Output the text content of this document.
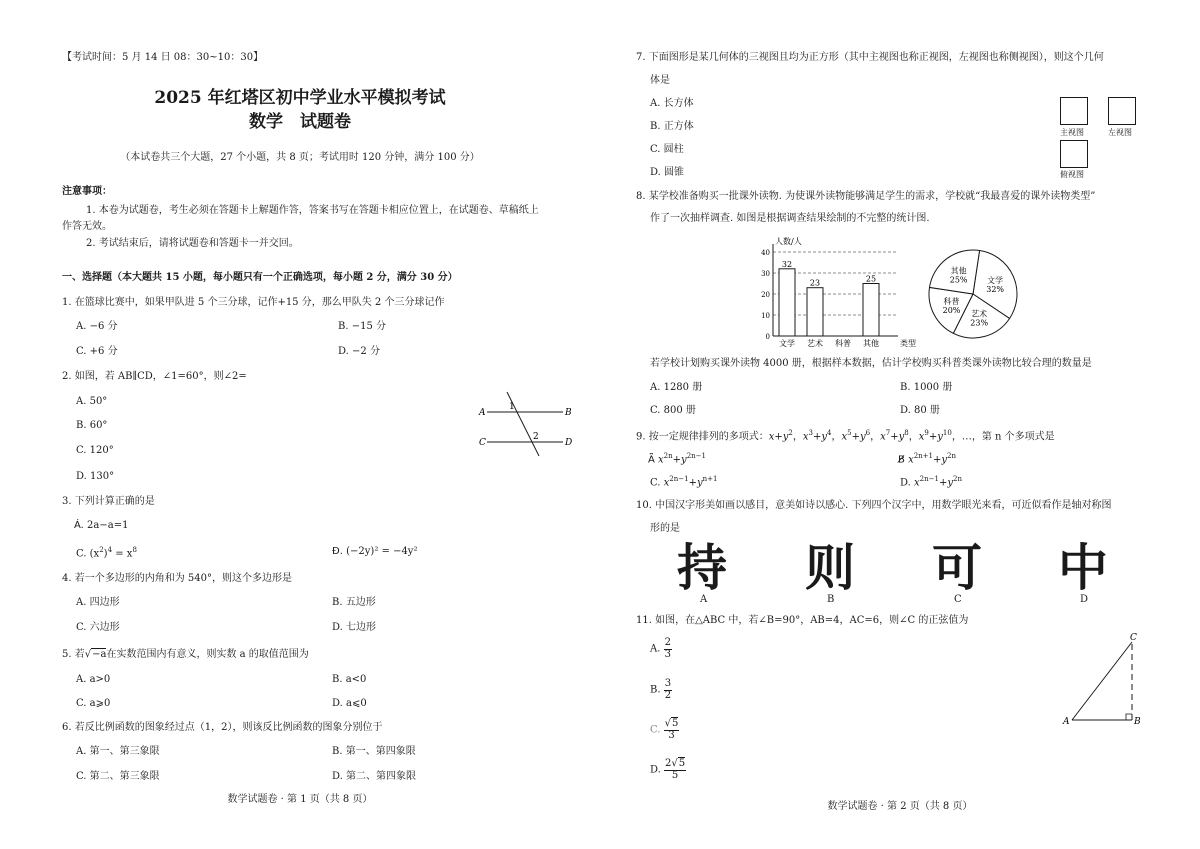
【考试时间：5 月 14 日 08：30~10：30】
2025 年红塔区初中学业水平模拟考试
数学　试题卷
（本试卷共三个大题，27 个小题，共 8 页；考试用时 120 分钟，满分 100 分）
注意事项：
1. 本卷为试题卷，考生必须在答题卡上解题作答，答案书写在答题卡相应位置上，在试题卷、草稿纸上
作答无效。
2. 考试结束后，请将试题卷和答题卡一并交回。
一、选择题（本大题共 15 小题，每小题只有一个正确选项，每小题 2 分，满分 30 分）
1. 在篮球比赛中，如果甲队进 5 个三分球，记作+15 分，那么甲队失 2 个三分球记作
A. −6 分	B. −15 分
C. +6 分	D. −2 分
2. 如图，若 AB∥CD，∠1=60°，则∠2=
A. 50°
B. 60°
C. 120°
D. 130°
A	B
C	D
1
2
3. 下列计算正确的是
Á. 2a−a=1
C. $(x^2)^4 = x^8$	Ð. (−2y)² = −4y²
4. 若一个多边形的内角和为 540°，则这个多边形是
A. 四边形	B. 五边形
C. 六边形	D. 七边形
5. 若√−a在实数范围内有意义，则实数 a 的取值范围为
A. a>0	B. a<0
C. a⩾0	D. a⩽0
6. 若反比例函数的图象经过点（1，2），则该反比例函数的图象分别位于
A. 第一、第三象限	B. 第一、第四象限
C. 第二、第三象限	D. 第二、第四象限
数学试题卷 · 第 1 页（共 8 页）
7. 下面图形是某几何体的三视图且均为正方形（其中主视图也称正视图，左视图也称侧视图），则这个几何
体是
A. 长方体
B. 正方体
C. 圆柱
D. 圆锥
主视图	左视图
俯视图
8. 某学校准备购买一批课外读物. 为使课外读物能够满足学生的需求，学校就“我最喜爱的课外读物类型”
作了一次抽样调查. 如图是根据调查结果绘制的不完整的统计图.
0
10
20
30
40
人数/人
类型
32
文学
23
艺术 科普
25
其他
文学
32%
艺术
23%
科普
20%
其他
25%
若学校计划购买课外读物 4000 册，根据样本数据，估计学校购买科普类课外读物比较合理的数量是
A. 1280 册	B. 1000 册
C. 800 册	D. 80 册
9. 按一定规律排列的多项式：$x+y^2$，$x^3+y^4$，$x^5+y^6$，$x^7+y^8$，$x^9+y^{10}$，…，第 n 个多项式是
A͆ $x^{2n}+y^{2n-1}$	B̸ $x^{2n+1}+y^{2n}$
C. $x^{2n-1}+y^{n+1}$	D. $x^{2n-1}+y^{2n}$
10. 中国汉字形美如画以感目，意美如诗以感心. 下列四个汉字中，用数学眼光来看，可近似看作是轴对称图
形的是
持	则	可	中
A	B	C	D
11. 如图，在△ABC 中，若∠B=90°，AB=4，AC=6，则∠C 的正弦值为
A. $\frac{2}{3}$
B. $\frac{3}{2}$
C. $\frac{√5}{3}$
D. $\frac{2√5}{5}$
A	B
C
数学试题卷 · 第 2 页（共 8 页）
